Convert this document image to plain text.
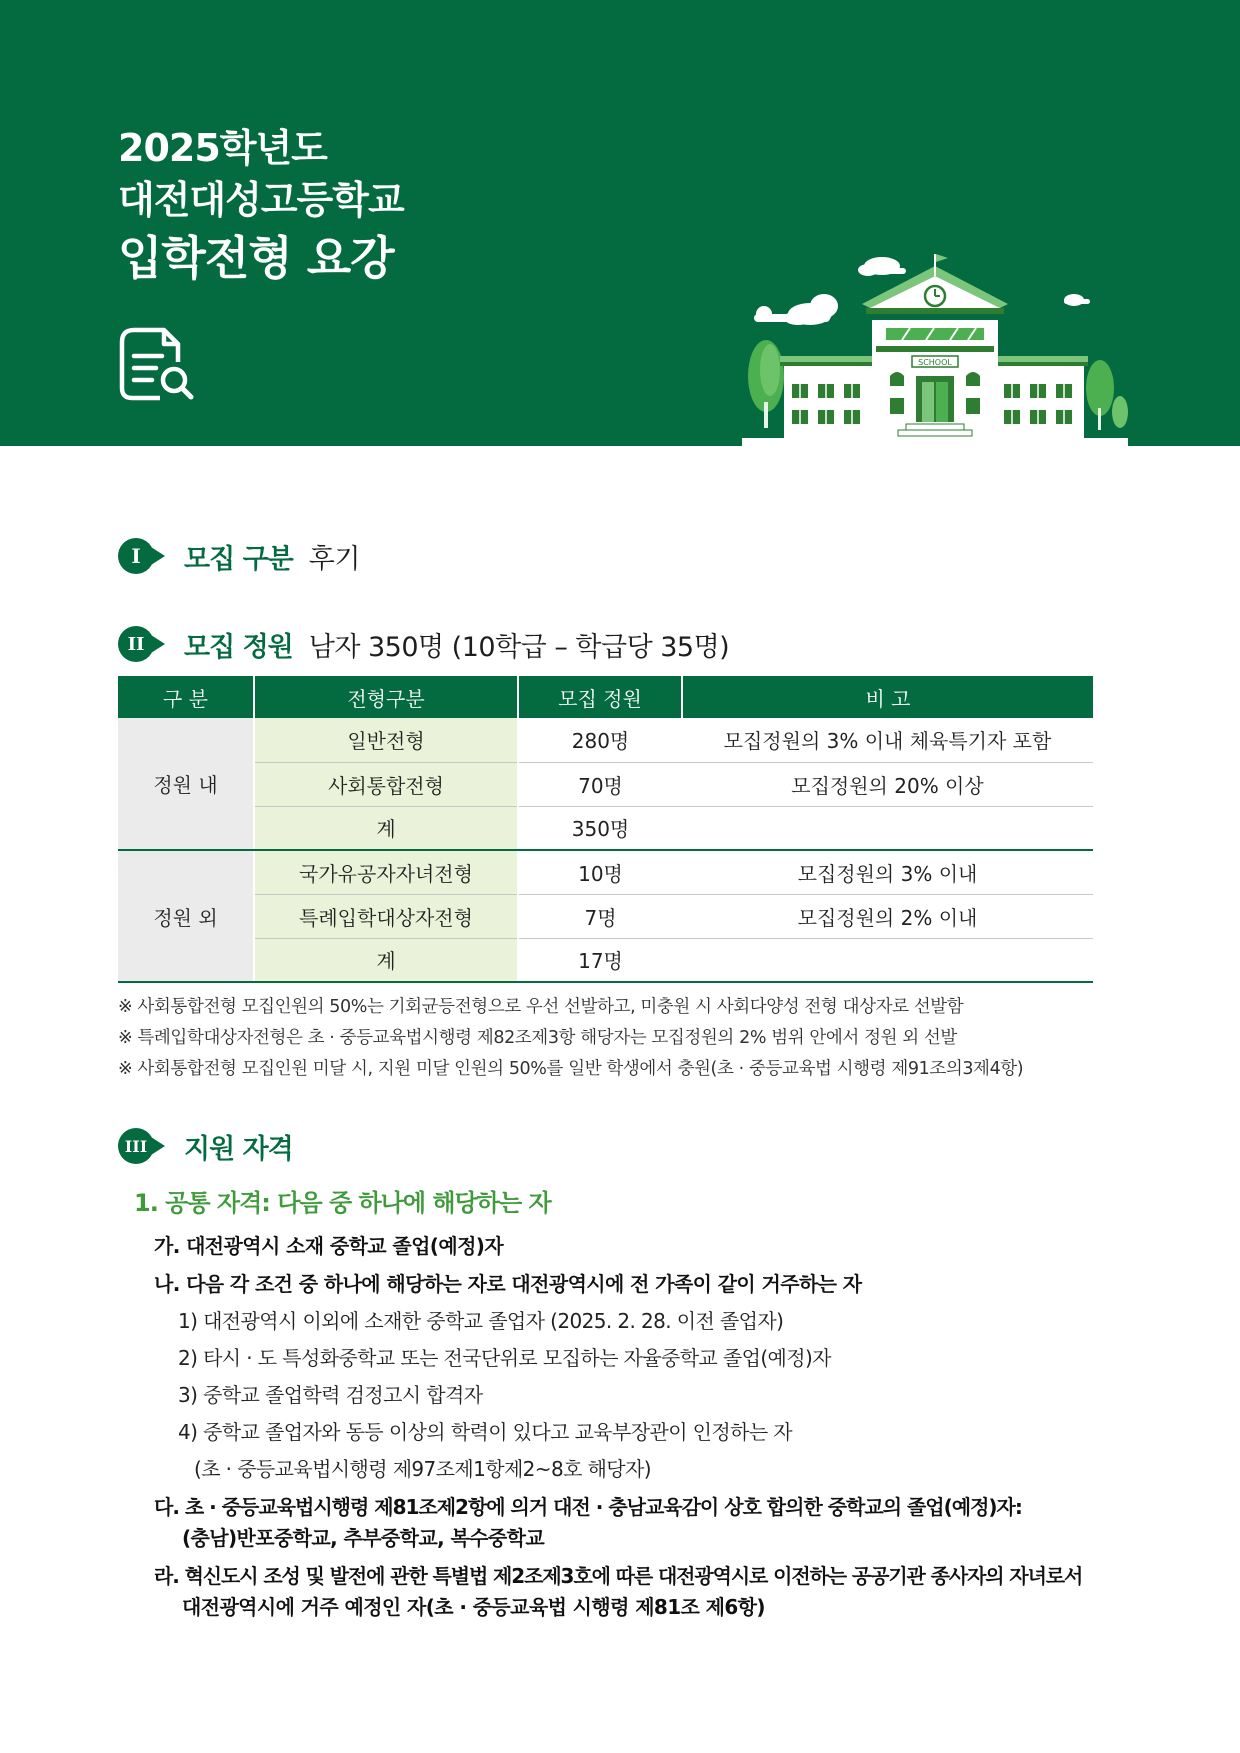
2025학년도
대전대성고등학교
입학전형 요강
SCHOOL
I	모집 구분 후기
II	모집 정원 남자 350명 (10학급 – 학급당 35명)
구 분	전형구분	모집 정원	비 고
정원 내	일반전형	280명	모집정원의 3% 이내 체육특기자 포함
	사회통합전형	70명	모집정원의 20% 이상
	계	350명	
정원 외	국가유공자자녀전형	10명	모집정원의 3% 이내
	특례입학대상자전형	7명	모집정원의 2% 이내
	계	17명	
※ 사회통합전형 모집인원의 50%는 기회균등전형으로 우선 선발하고, 미충원 시 사회다양성 전형 대상자로 선발함
※ 특례입학대상자전형은 초 · 중등교육법시행령 제82조제3항 해당자는 모집정원의 2% 범위 안에서 정원 외 선발
※ 사회통합전형 모집인원 미달 시, 지원 미달 인원의 50%를 일반 학생에서 충원(초 · 중등교육법 시행령 제91조의3제4항)
III 지원 자격
1. 공통 자격: 다음 중 하나에 해당하는 자
가. 대전광역시 소재 중학교 졸업(예정)자
나. 다음 각 조건 중 하나에 해당하는 자로 대전광역시에 전 가족이 같이 거주하는 자
1) 대전광역시 이외에 소재한 중학교 졸업자 (2025. 2. 28. 이전 졸업자)
2) 타시 · 도 특성화중학교 또는 전국단위로 모집하는 자율중학교 졸업(예정)자
3) 중학교 졸업학력 검정고시 합격자
4) 중학교 졸업자와 동등 이상의 학력이 있다고 교육부장관이 인정하는 자
(초 · 중등교육법시행령 제97조제1항제2~8호 해당자)
다. 초 · 중등교육법시행령 제81조제2항에 의거 대전 · 충남교육감이 상호 합의한 중학교의 졸업(예정)자:
(충남)반포중학교, 추부중학교, 복수중학교
라. 혁신도시 조성 및 발전에 관한 특별법 제2조제3호에 따른 대전광역시로 이전하는 공공기관 종사자의 자녀로서
대전광역시에 거주 예정인 자(초 · 중등교육법 시행령 제81조 제6항)
